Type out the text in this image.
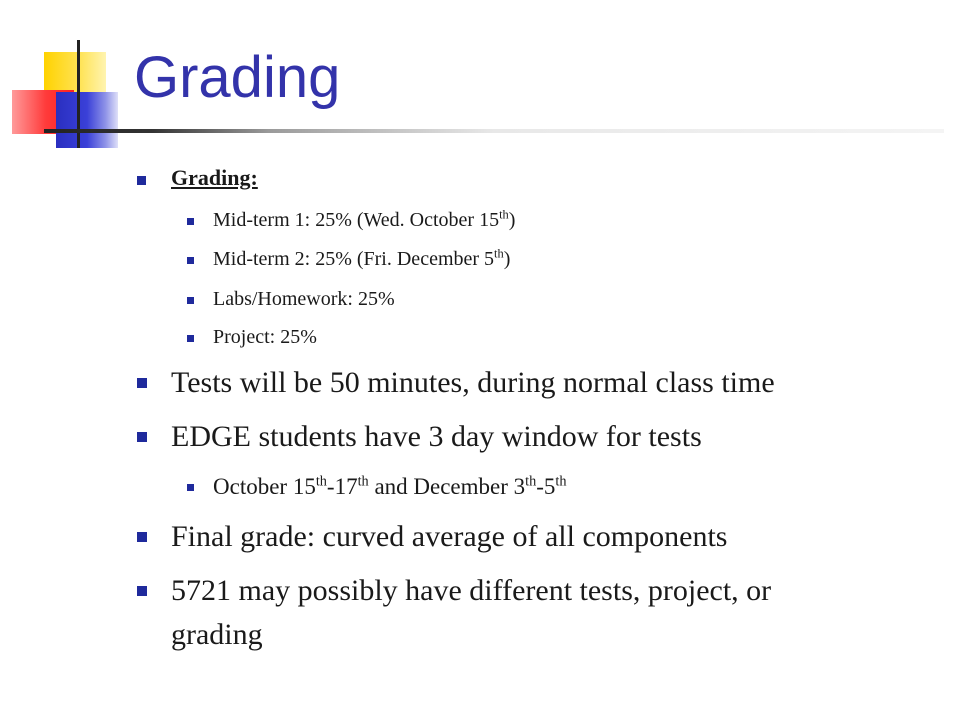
Grading
Grading:
Mid-term 1: 25% (Wed. October 15th)
Mid-term 2: 25% (Fri. December 5th)
Labs/Homework: 25%
Project: 25%
Tests will be 50 minutes, during normal class time
EDGE students have 3 day window for tests
October 15th-17th and December 3th-5th
Final grade: curved average of all components
5721 may possibly have different tests, project, or
grading
